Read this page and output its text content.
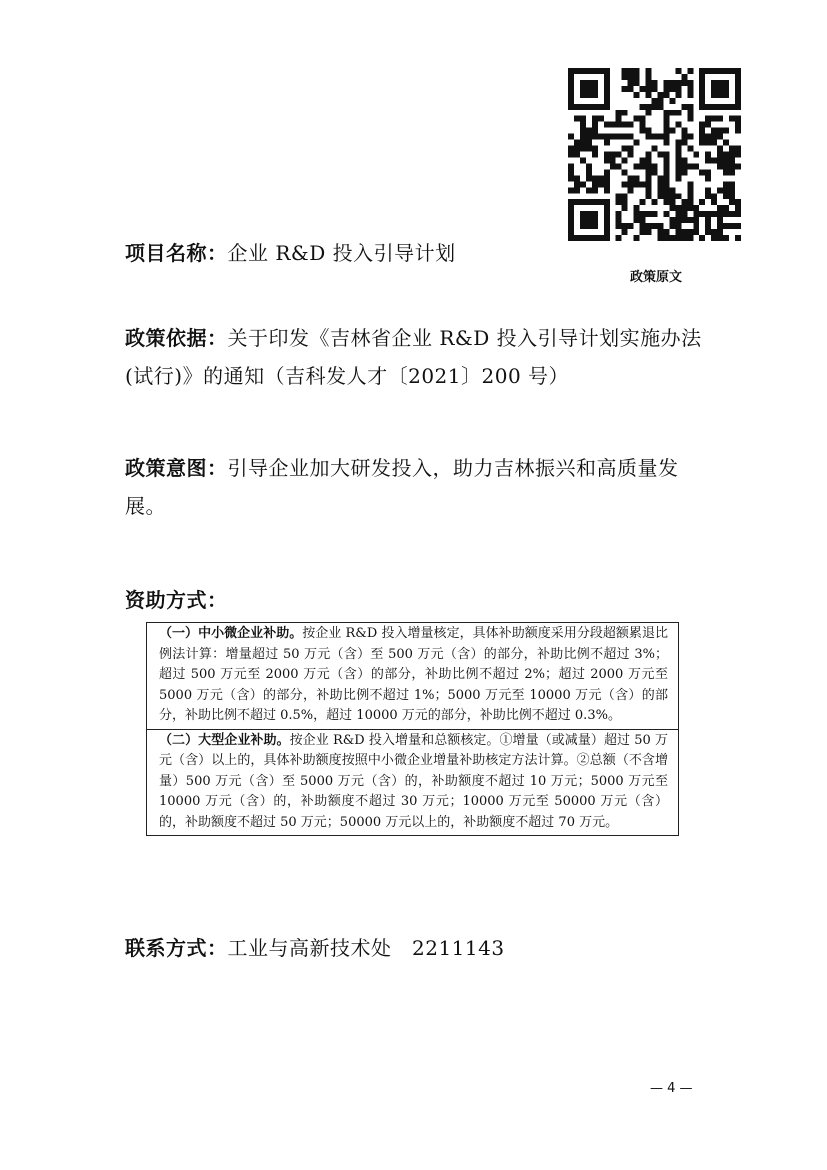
政策原文
项目名称：企业 R&D 投入引导计划
政策依据：关于印发《吉林省企业 R&D 投入引导计划实施办法(试行)》的通知（吉科发人才〔2021〕200 号）
政策意图：引导企业加大研发投入，助力吉林振兴和高质量发展。
资助方式：
（一）中小微企业补助。按企业 R&D 投入增量核定，具体补助额度采用分段超额累退比例法计算：增量超过 50 万元（含）至 500 万元（含）的部分，补助比例不超过 3%；超过 500 万元至 2000 万元（含）的部分，补助比例不超过 2%；超过 2000 万元至 5000 万元（含）的部分，补助比例不超过 1%；5000 万元至 10000 万元（含）的部分，补助比例不超过 0.5%，超过 10000 万元的部分，补助比例不超过 0.3%。
（二）大型企业补助。按企业 R&D 投入增量和总额核定。①增量（或减量）超过 50 万元（含）以上的，具体补助额度按照中小微企业增量补助核定方法计算。②总额（不含增量）500 万元（含）至 5000 万元（含）的，补助额度不超过 10 万元；5000 万元至 10000 万元（含）的，补助额度不超过 30 万元；10000 万元至 50000 万元（含）的，补助额度不超过 50 万元；50000 万元以上的，补助额度不超过 70 万元。
联系方式：工业与高新技术处　2211143
— 4 —
